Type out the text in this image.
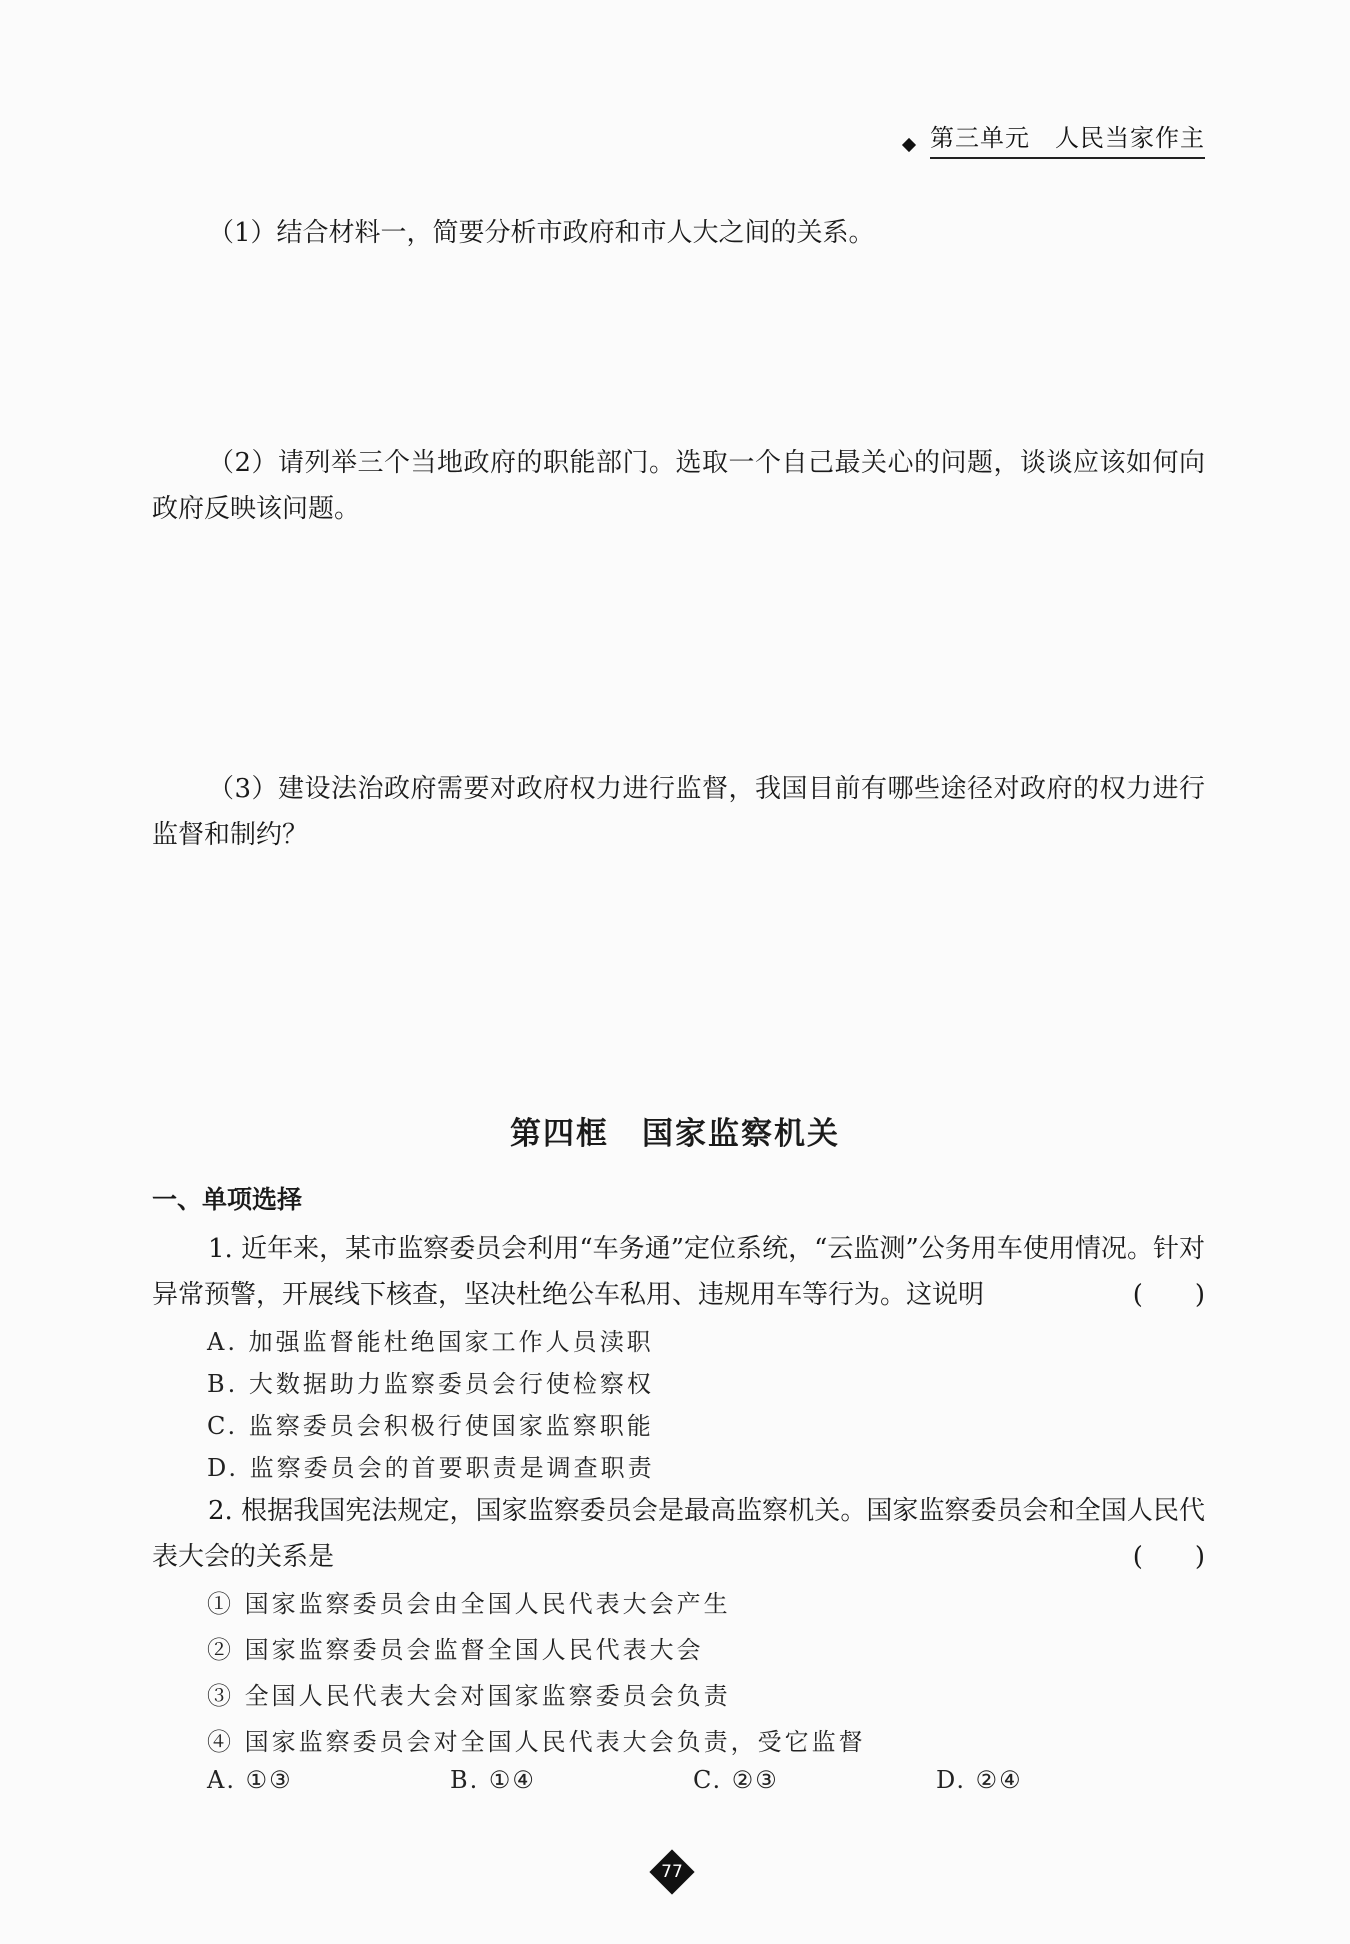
第三单元　人民当家作主
（1）结合材料一，简要分析市政府和市人大之间的关系。
（2）请列举三个当地政府的职能部门。选取一个自己最关心的问题，谈谈应该如何向政府反映该问题。
（3）建设法治政府需要对政府权力进行监督，我国目前有哪些途径对政府的权力进行监督和制约？
第四框　国家监察机关
一、单项选择
1. 近年来，某市监察委员会利用“车务通”定位系统，“云监测”公务用车使用情况。针对异常预警，开展线下核查，坚决杜绝公车私用、违规用车等行为。这说明	(　　)
A. 加强监督能杜绝国家工作人员渎职
B. 大数据助力监察委员会行使检察权
C. 监察委员会积极行使国家监察职能
D. 监察委员会的首要职责是调查职责
2. 根据我国宪法规定，国家监察委员会是最高监察机关。国家监察委员会和全国人民代表大会的关系是	(　　)
① 国家监察委员会由全国人民代表大会产生
② 国家监察委员会监督全国人民代表大会
③ 全国人民代表大会对国家监察委员会负责
④ 国家监察委员会对全国人民代表大会负责，受它监督
A. ①③	B. ①④	C. ②③	D. ②④
77
